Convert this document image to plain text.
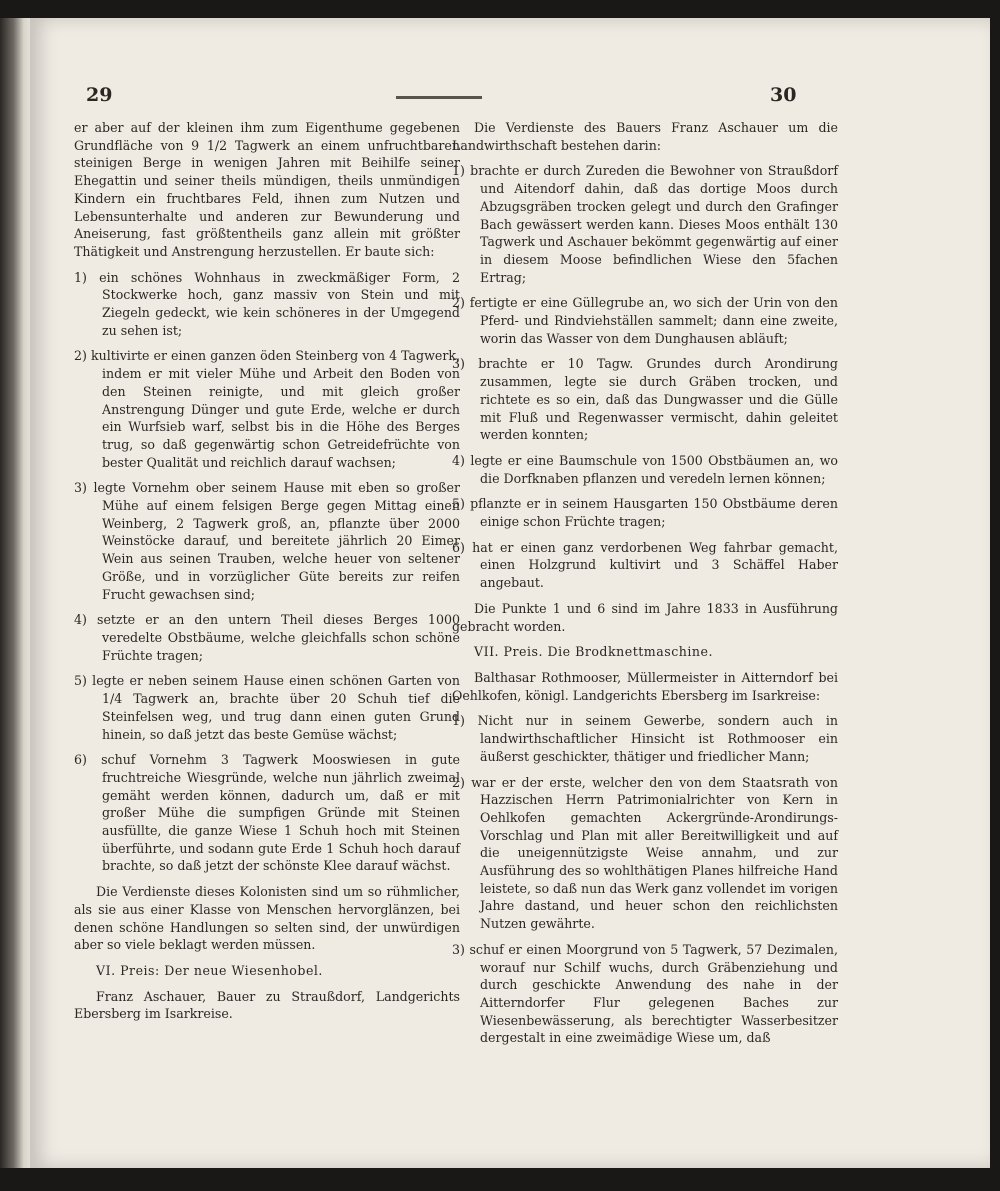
29	30

er aber auf der kleinen ihm zum Eigenthume gegebenen Grundfläche von 9 1/2 Tagwerk an einem unfruchtbaren steinigen Berge in wenigen Jahren mit Beihilfe seiner Ehegattin und seiner theils mündigen, theils unmündigen Kindern ein fruchtbares Feld, ihnen zum Nutzen und Lebensunterhalte und anderen zur Bewunderung und Aneiserung, fast größtentheils ganz allein mit größter Thätigkeit und Anstrengung herzustellen. Er baute sich:

1) ein schönes Wohnhaus in zweckmäßiger Form, 2 Stockwerke hoch, ganz massiv von Stein und mit Ziegeln gedeckt, wie kein schöneres in der Umgegend zu sehen ist;

2) kultivirte er einen ganzen öden Steinberg von 4 Tagwerk, indem er mit vieler Mühe und Arbeit den Boden von den Steinen reinigte, und mit gleich großer Anstrengung Dünger und gute Erde, welche er durch ein Wurfsieb warf, selbst bis in die Höhe des Berges trug, so daß gegenwärtig schon Getreidefrüchte von bester Qualität und reichlich darauf wachsen;

3) legte Vornehm ober seinem Hause mit eben so großer Mühe auf einem felsigen Berge gegen Mittag einen Weinberg, 2 Tagwerk groß, an, pflanzte über 2000 Weinstöcke darauf, und bereitete jährlich 20 Eimer Wein aus seinen Trauben, welche heuer von seltener Größe, und in vorzüglicher Güte bereits zur reifen Frucht gewachsen sind;

4) setzte er an den untern Theil dieses Berges 1000 veredelte Obstbäume, welche gleichfalls schon schöne Früchte tragen;

5) legte er neben seinem Hause einen schönen Garten von 1/4 Tagwerk an, brachte über 20 Schuh tief die Steinfelsen weg, und trug dann einen guten Grund hinein, so daß jetzt das beste Gemüse wächst;

6) schuf Vornehm 3 Tagwerk Mooswiesen in gute fruchtreiche Wiesgründe, welche nun jährlich zweimal gemäht werden können, dadurch um, daß er mit großer Mühe die sumpfigen Gründe mit Steinen ausfüllte, die ganze Wiese 1 Schuh hoch mit Steinen überführte, und sodann gute Erde 1 Schuh hoch darauf brachte, so daß jetzt der schönste Klee darauf wächst.

Die Verdienste dieses Kolonisten sind um so rühmlicher, als sie aus einer Klasse von Menschen hervorglänzen, bei denen schöne Handlungen so selten sind, der unwürdigen aber so viele beklagt werden müssen.

VI. Preis: Der neue Wiesenhobel.

Franz Aschauer, Bauer zu Straußdorf, Landgerichts Ebersberg im Isarkreise.

Die Verdienste des Bauers Franz Aschauer um die Landwirthschaft bestehen darin:

1) brachte er durch Zureden die Bewohner von Straußdorf und Aitendorf dahin, daß das dortige Moos durch Abzugsgräben trocken gelegt und durch den Grafinger Bach gewässert werden kann. Dieses Moos enthält 130 Tagwerk und Aschauer bekömmt gegenwärtig auf einer in diesem Moose befindlichen Wiese den 5fachen Ertrag;

2) fertigte er eine Güllegrube an, wo sich der Urin von den Pferd- und Rindviehställen sammelt; dann eine zweite, worin das Wasser von dem Dunghausen abläuft;

3) brachte er 10 Tagw. Grundes durch Arondirung zusammen, legte sie durch Gräben trocken, und richtete es so ein, daß das Dungwasser und die Gülle mit Fluß und Regenwasser vermischt, dahin geleitet werden konnten;

4) legte er eine Baumschule von 1500 Obstbäumen an, wo die Dorfknaben pflanzen und veredeln lernen können;

5) pflanzte er in seinem Hausgarten 150 Obstbäume deren einige schon Früchte tragen;

6) hat er einen ganz verdorbenen Weg fahrbar gemacht, einen Holzgrund kultivirt und 3 Schäffel Haber angebaut.

Die Punkte 1 und 6 sind im Jahre 1833 in Ausführung gebracht worden.

VII. Preis. Die Brodknettmaschine.

Balthasar Rothmooser, Müllermeister in Aitterndorf bei Oehlkofen, königl. Landgerichts Ebersberg im Isarkreise:

1) Nicht nur in seinem Gewerbe, sondern auch in landwirthschaftlicher Hinsicht ist Rothmooser ein äußerst geschickter, thätiger und friedlicher Mann;

2) war er der erste, welcher den von dem Staatsrath von Hazzischen Herrn Patrimonialrichter von Kern in Oehlkofen gemachten Ackergründe-Arondirungs-Vorschlag und Plan mit aller Bereitwilligkeit und auf die uneigennützigste Weise annahm, und zur Ausführung des so wohlthätigen Planes hilfreiche Hand leistete, so daß nun das Werk ganz vollendet im vorigen Jahre dastand, und heuer schon den reichlichsten Nutzen gewährte.

3) schuf er einen Moorgrund von 5 Tagwerk, 57 Dezimalen, worauf nur Schilf wuchs, durch Gräbenziehung und durch geschickte Anwendung des nahe in der Aitterndorfer Flur gelegenen Baches zur Wiesenbewässerung, als berechtigter Wasserbesitzer dergestalt in eine zweimädige Wiese um, daß
